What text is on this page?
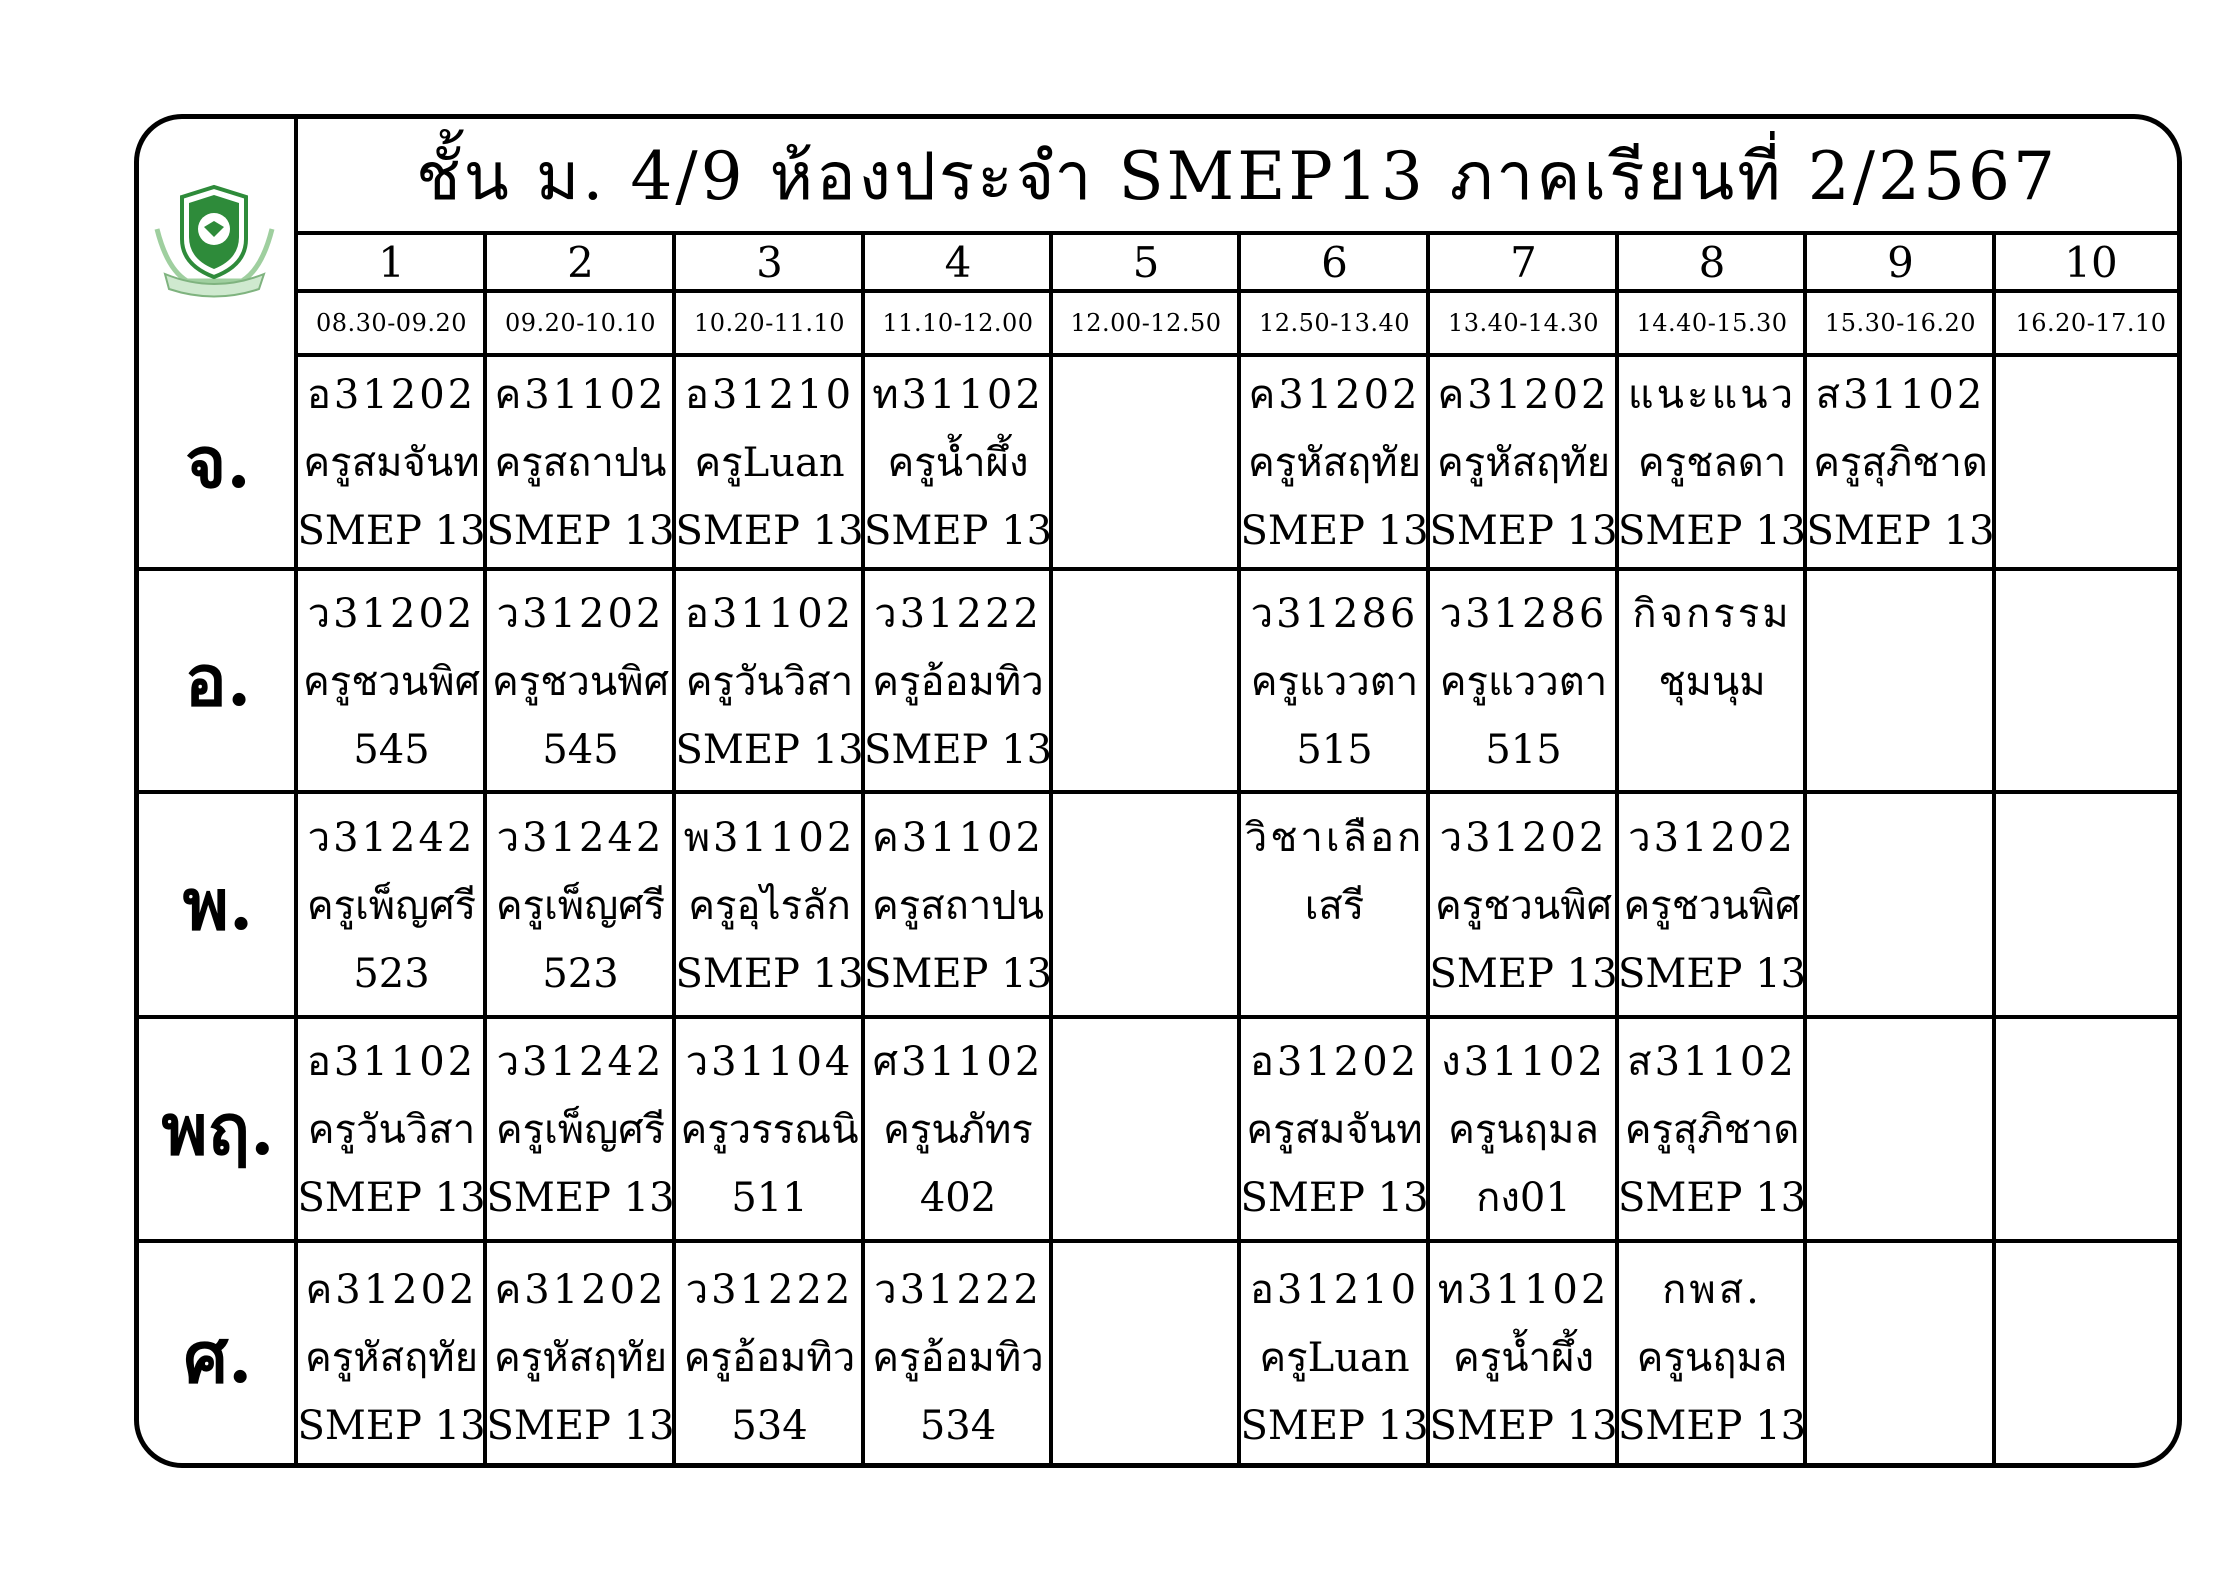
ชั้น ม. 4/9 ห้องประจำ SMEP13 ภาคเรียนที่ 2/2567
1
08.30-09.20
2
09.20-10.10
3
10.20-11.10
4
11.10-12.00
5
12.00-12.50
6
12.50-13.40
7
13.40-14.30
8
14.40-15.30
9
15.30-16.20
10
16.20-17.10
จ.
อ31202
ครูสมจันท
SMEP 13
ค31102
ครูสถาปน
SMEP 13
อ31210
ครูLuan
SMEP 13
ท31102
ครูน้ำผึ้ง
SMEP 13
ค31202
ครูหัสฤทัย
SMEP 13
ค31202
ครูหัสฤทัย
SMEP 13
แนะแนว
ครูชลดา
SMEP 13
ส31102
ครูสุภิชาด
SMEP 13
อ.
ว31202
ครูชวนพิศ
545
ว31202
ครูชวนพิศ
545
อ31102
ครูวันวิสา
SMEP 13
ว31222
ครูอ้อมทิว
SMEP 13
ว31286
ครูแววตา
515
ว31286
ครูแววตา
515
กิจกรรม
ชุมนุม
พ.
ว31242
ครูเพ็ญศรี
523
ว31242
ครูเพ็ญศรี
523
พ31102
ครูอุไรลัก
SMEP 13
ค31102
ครูสถาปน
SMEP 13
วิชาเลือก
เสรี
ว31202
ครูชวนพิศ
SMEP 13
ว31202
ครูชวนพิศ
SMEP 13
พฤ.
อ31102
ครูวันวิสา
SMEP 13
ว31242
ครูเพ็ญศรี
SMEP 13
ว31104
ครูวรรณนิ
511
ศ31102
ครูนภัทร
402
อ31202
ครูสมจันท
SMEP 13
ง31102
ครูนฤมล
กง01
ส31102
ครูสุภิชาด
SMEP 13
ศ.
ค31202
ครูหัสฤทัย
SMEP 13
ค31202
ครูหัสฤทัย
SMEP 13
ว31222
ครูอ้อมทิว
534
ว31222
ครูอ้อมทิว
534
อ31210
ครูLuan
SMEP 13
ท31102
ครูน้ำผึ้ง
SMEP 13
กพส.
ครูนฤมล
SMEP 13
